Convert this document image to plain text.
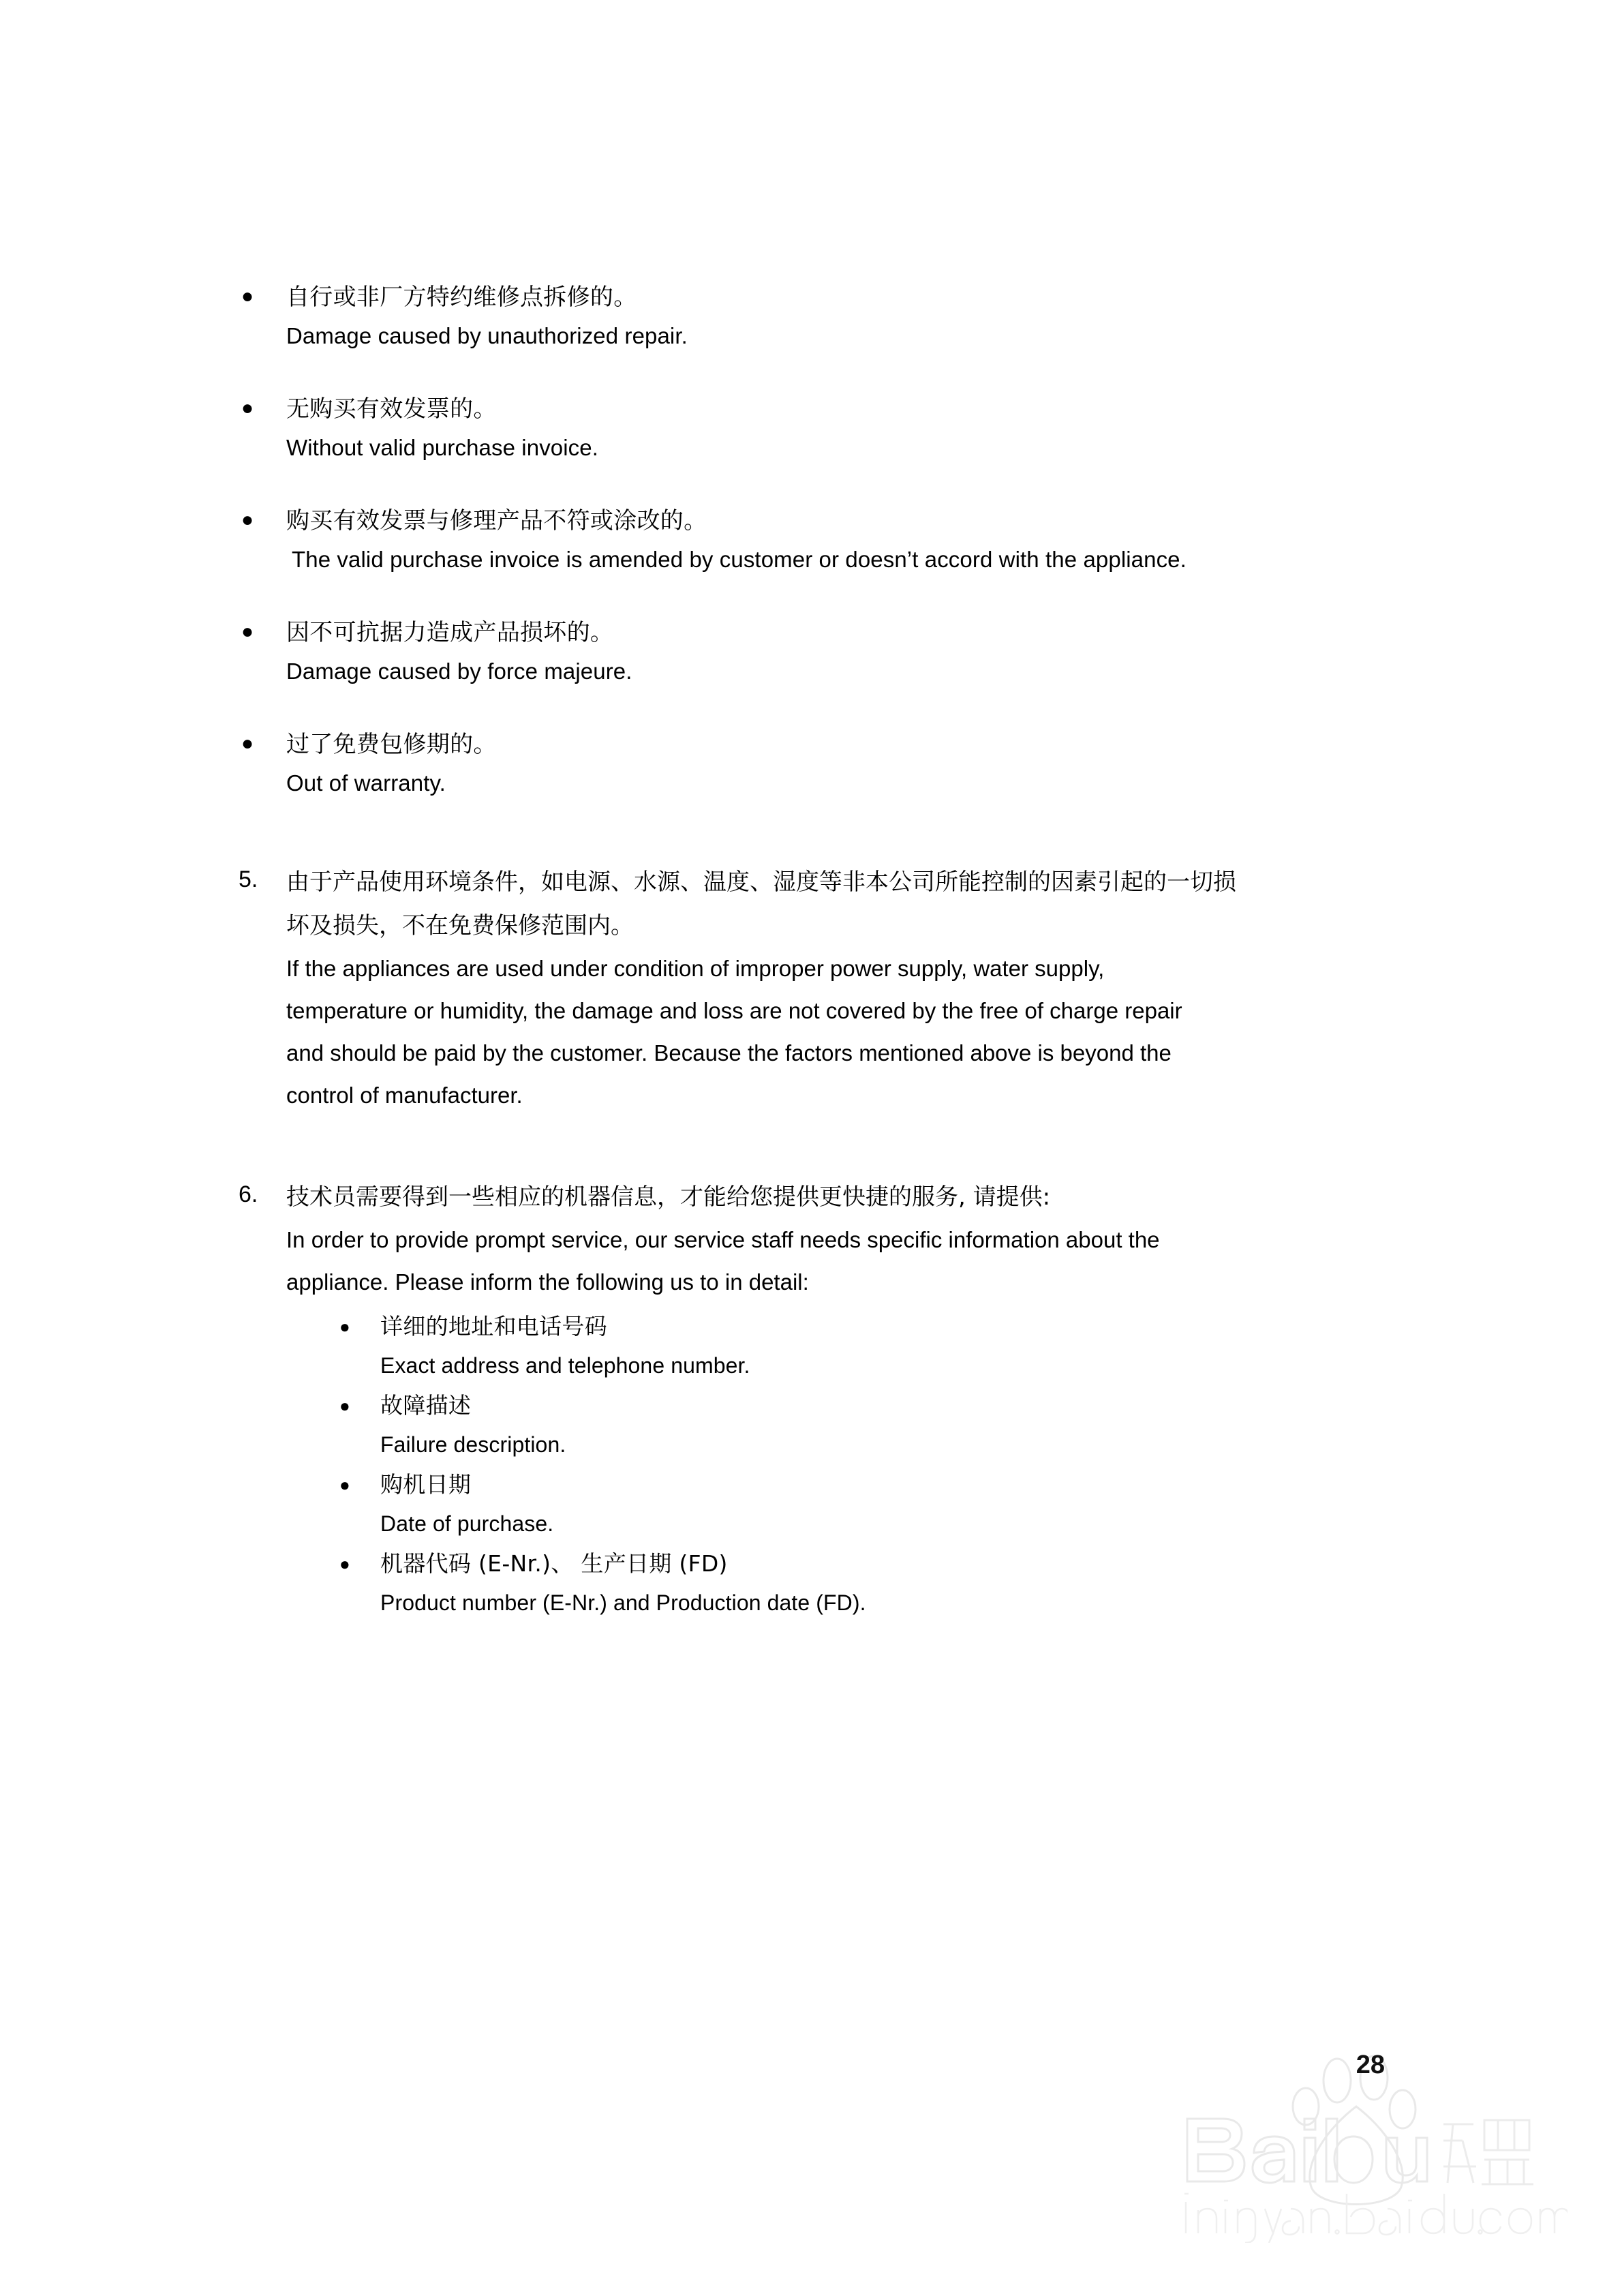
●	自行或非厂方特约维修点拆修的。
Damage caused by unauthorized repair.
●	无购买有效发票的。
Without valid purchase invoice.
●	购买有效发票与修理产品不符或涂改的。
The valid purchase invoice is amended by customer or doesn’t accord with the appliance.
●	因不可抗据力造成产品损坏的。
Damage caused by force majeure.
●	过了免费包修期的。
Out of warranty.
5.	由于产品使用环境条件，如电源、水源、温度、湿度等非本公司所能控制的因素引起的一切损
坏及损失，不在免费保修范围内。
If the appliances are used under condition of improper power supply, water supply,
temperature or humidity, the damage and loss are not covered by the free of charge repair
and should be paid by the customer. Because the factors mentioned above is beyond the
control of manufacturer.
6.	技术员需要得到一些相应的机器信息，才能给您提供更快捷的服务, 请提供:
In order to provide prompt service, our service staff needs specific information about the
appliance. Please inform the following us to in detail:
●	详细的地址和电话号码
Exact address and telephone number.
●	故障描述
Failure description.
●	购机日期
Date of purchase.
●	机器代码 (E-Nr.)、 生产日期 (FD)
Product number (E-Nr.) and Production date (FD).
28
